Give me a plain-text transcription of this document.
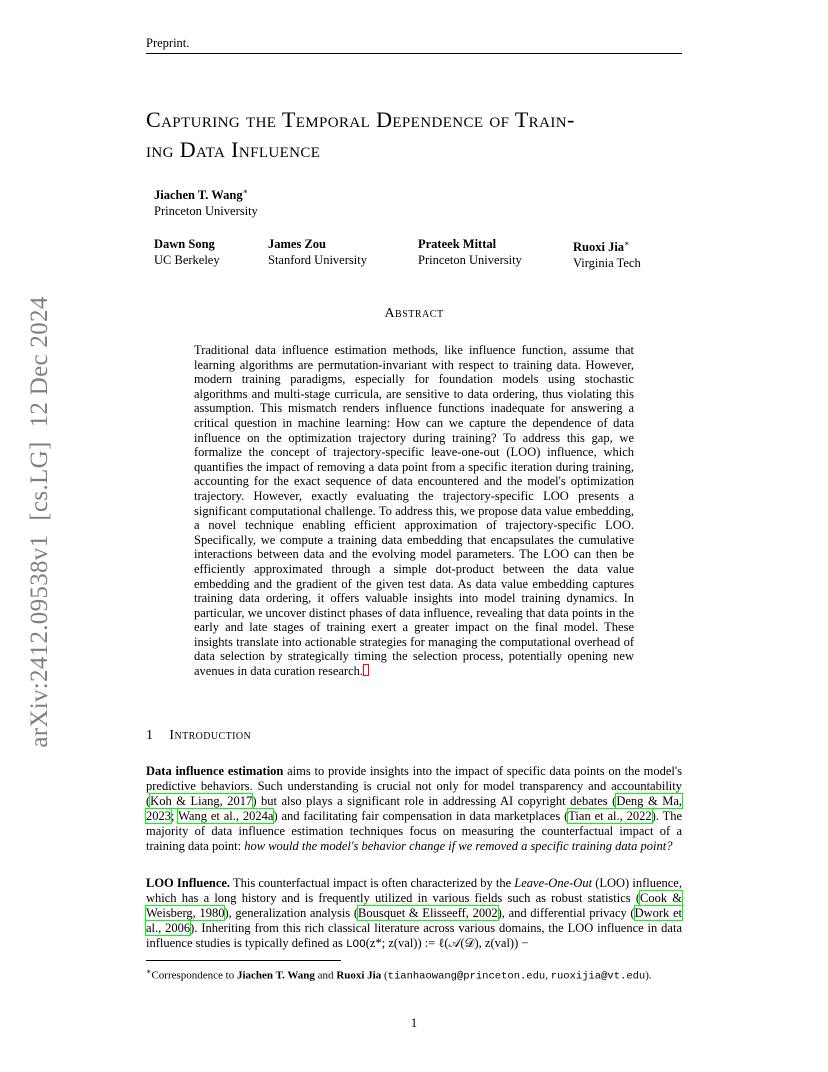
Preprint.
arXiv:2412.09538v1[cs.LG]12 Dec 2024
Capturing the Temporal Dependence of Train-
ing Data Influence
Jiachen T. Wang∗
Princeton University
Dawn Song
UC Berkeley
James Zou
Stanford University
Prateek Mittal
Princeton University
Ruoxi Jia∗
Virginia Tech
Abstract
Traditional data influence estimation methods, like influence function, assume that learning algorithms are permutation-invariant with respect to training data. However, modern training paradigms, especially for foundation models using stochastic algorithms and multi-stage curricula, are sensitive to data ordering, thus violating this assumption. This mismatch renders influence functions inadequate for answering a critical question in machine learning: How can we capture the dependence of data influence on the optimization trajectory during training? To address this gap, we formalize the concept of trajectory-specific leave-one-out (LOO) influence, which quantifies the impact of removing a data point from a specific iteration during training, accounting for the exact sequence of data encountered and the model's optimization trajectory. However, exactly evaluating the trajectory-specific LOO presents a significant computational challenge. To address this, we propose data value embedding, a novel technique enabling efficient approximation of trajectory-specific LOO. Specifically, we compute a training data embedding that encapsulates the cumulative interactions between data and the evolving model parameters. The LOO can then be efficiently approximated through a simple dot-product between the data value embedding and the gradient of the given test data. As data value embedding captures training data ordering, it offers valuable insights into model training dynamics. In particular, we uncover distinct phases of data influence, revealing that data points in the early and late stages of training exert a greater impact on the final model. These insights translate into actionable strategies for managing the computational overhead of data selection by strategically timing the selection process, potentially opening new avenues in data curation research.
1 Introduction
Data influence estimation aims to provide insights into the impact of specific data points on the model's predictive behaviors. Such understanding is crucial not only for model transparency and accountability (Koh & Liang, 2017) but also plays a significant role in addressing AI copyright debates (Deng & Ma, 2023; Wang et al., 2024a) and facilitating fair compensation in data marketplaces (Tian et al., 2022). The majority of data influence estimation techniques focus on measuring the counterfactual impact of a training data point: how would the model's behavior change if we removed a specific training data point?
LOO Influence. This counterfactual impact is often characterized by the Leave-One-Out (LOO) influence, which has a long history and is frequently utilized in various fields such as robust statistics (Cook & Weisberg, 1980), generalization analysis (Bousquet & Elisseeff, 2002), and differential privacy (Dwork et al., 2006). Inheriting from this rich classical literature across various domains, the LOO influence in data influence studies is typically defined as LOO(z*; z(val)) := ℓ(𝒜(𝒟), z(val)) −
∗Correspondence to Jiachen T. Wang and Ruoxi Jia (tianhaowang@princeton.edu, ruoxijia@vt.edu).
1
